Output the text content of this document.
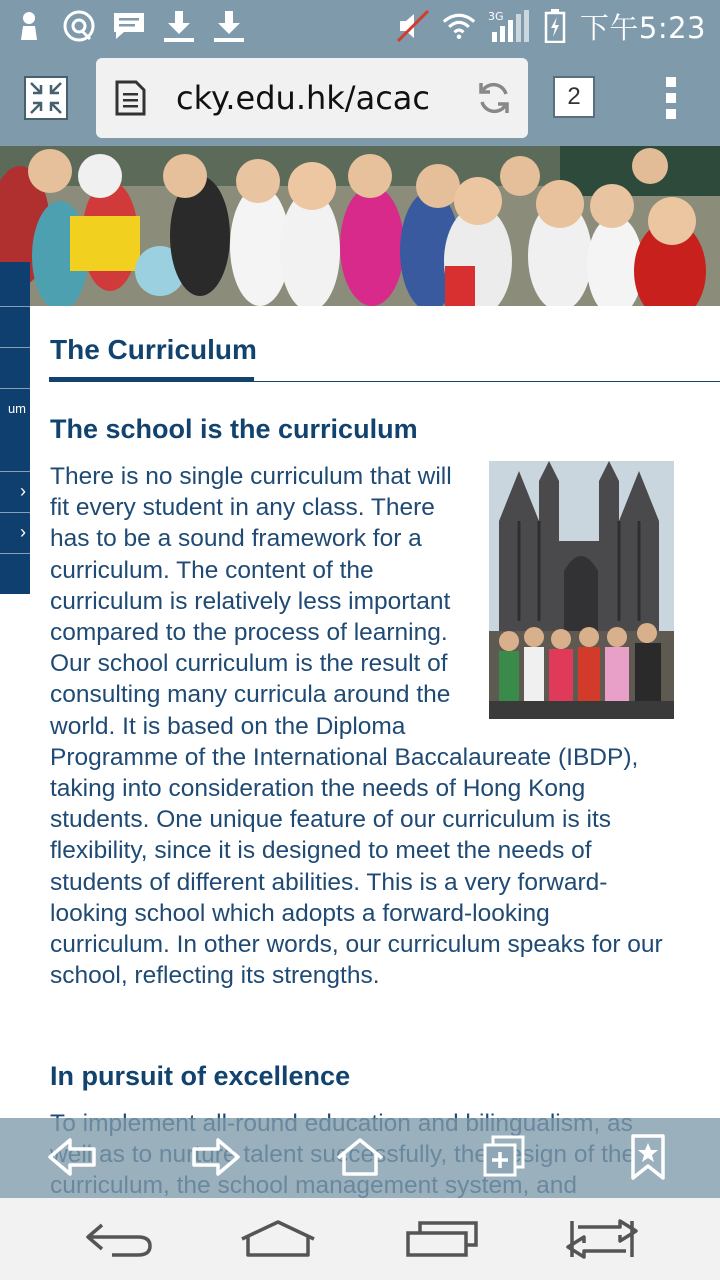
3G	下午5:23
cky.edu.hk/acac	2
um
›
›
The Curriculum
The school is the curriculum
There is no single curriculum that will fit every student in any class. There has to be a sound framework for a curriculum. The content of the curriculum is relatively less important compared to the process of learning. Our school curriculum is the result of consulting many curricula around the world. It is based on the Diploma Programme of the International Baccalaureate (IBDP), taking into consideration the needs of Hong Kong students. One unique feature of our curriculum is its flexibility, since it is designed to meet the needs of students of different abilities. This is a very forward-looking school which adopts a forward-looking curriculum. In other words, our curriculum speaks for our school, reflecting its strengths.
In pursuit of excellence
